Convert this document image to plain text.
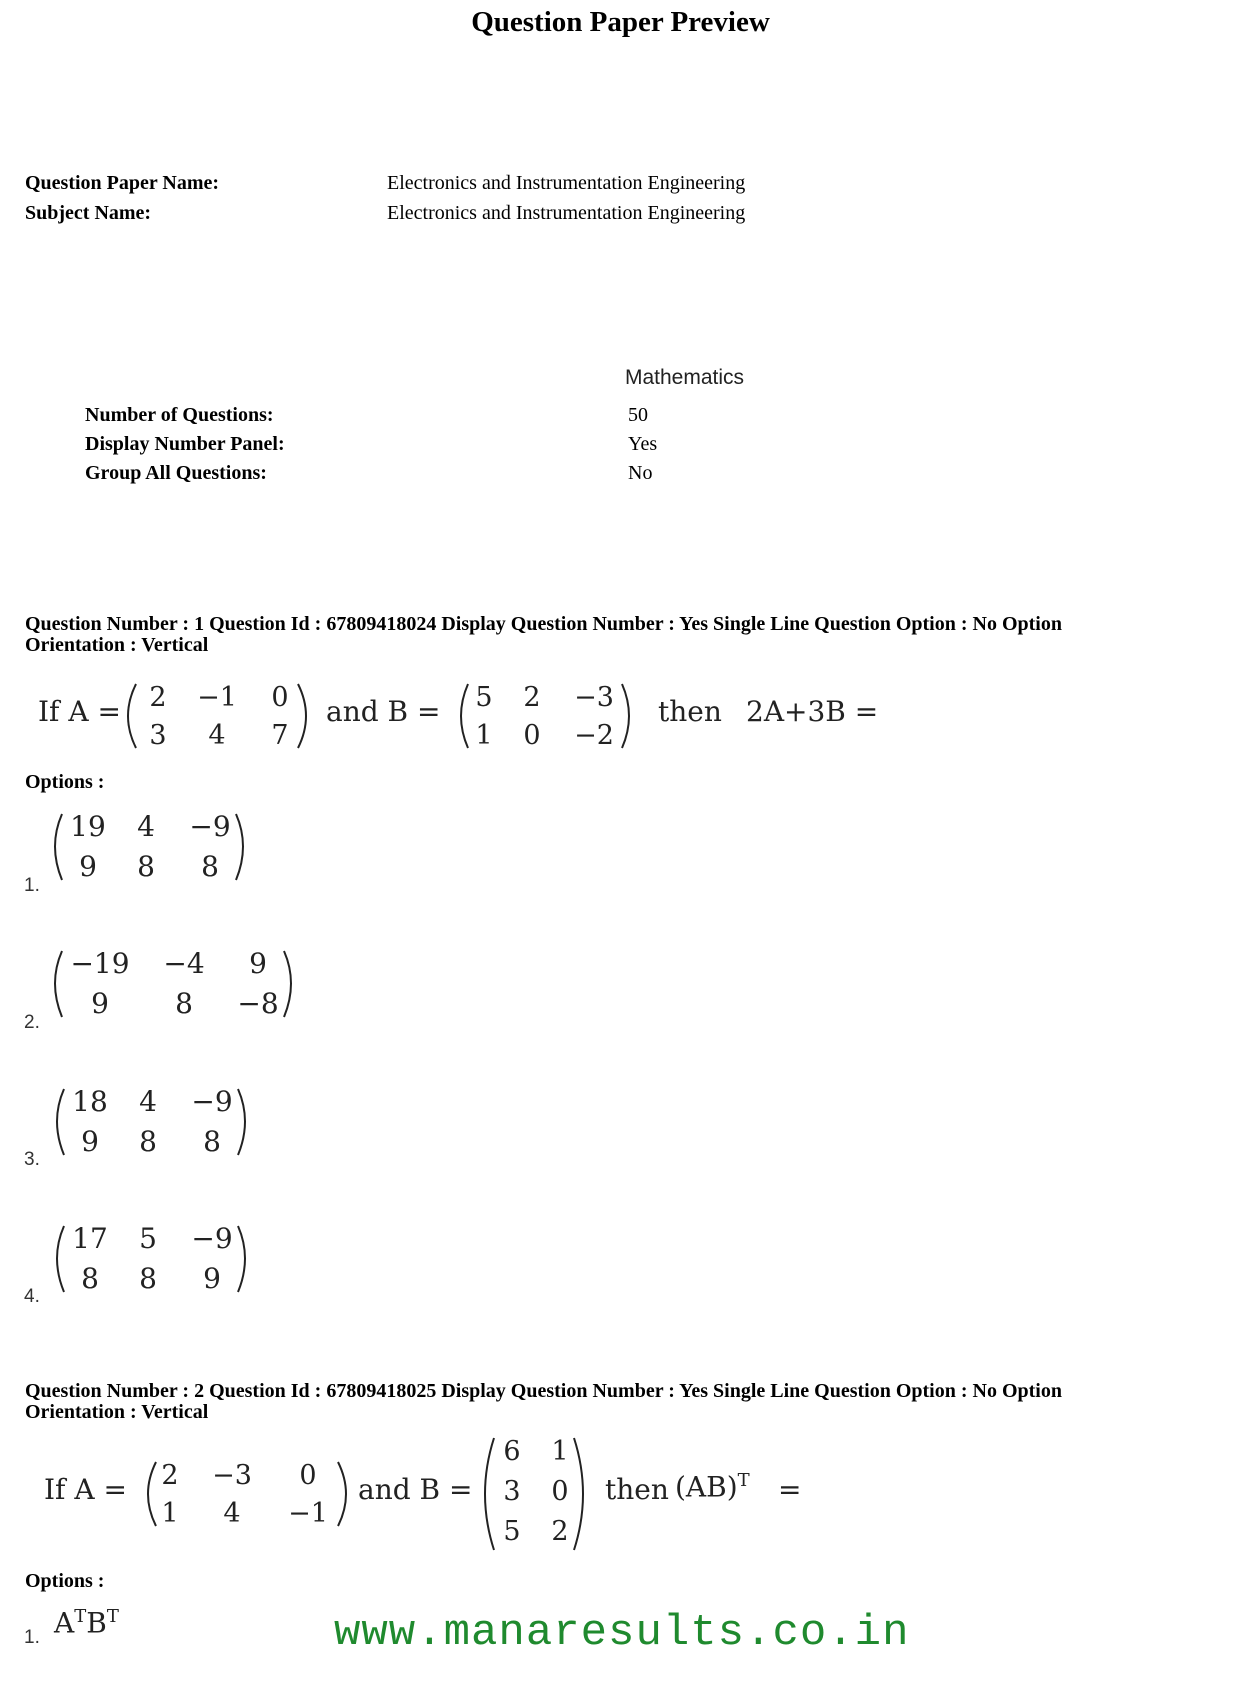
Question Paper Preview
Question Paper Name:	Electronics and Instrumentation Engineering
Subject Name:	Electronics and Instrumentation Engineering
Mathematics
Number of Questions:	50
Display Number Panel:	Yes
Group All Questions:	No
Question Number : 1 Question Id : 67809418024 Display Question Number : Yes Single Line Question Option : No Option
Orientation : Vertical
If A = 2 −1 0
3 4 7
and B = 5 2 −3
1 0 −2
then 2A+3B =
Options :
1.
19 4 −9
9 8 8
2.
−19 −4 9
9 8 −8
3.
18 4 −9
9 8 8
4.
17 5 −9
8 8 9
Question Number : 2 Question Id : 67809418025 Display Question Number : Yes Single Line Question Option : No Option
Orientation : Vertical
If A = 2 −3 0
1 4 −1
and B =
6 1
3 0
5 2
then (AB)$^T$ =
Options :
1. $A^TB^T$	www.manaresults.co.in
